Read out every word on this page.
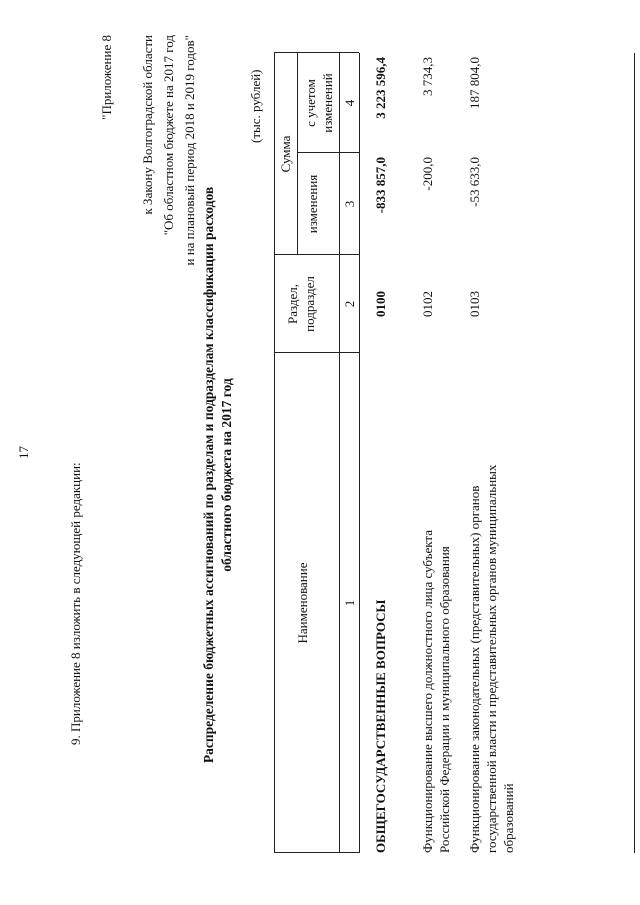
17
9. Приложение 8 изложить в следующей редакции:
"Приложение 8 к Закону Волгоградской области "Об областном бюджете на 2017 год и на плановый период 2018 и 2019 годов"
Распределение бюджетных ассигнований по разделам и подразделам классификации расходов областного бюджета на 2017 год
(тыс. рублей)
Наименование
Раздел, подраздел
Сумма
изменения
с учетом изменений
1
2
3
4
ОБЩЕГОСУДАРСТВЕННЫЕ ВОПРОСЫ
0100
-833 857,0
3 223 596,4
Функционирование высшего должностного лица субъекта Российской Федерации и муниципального образования
0102
-200,0
3 734,3
Функционирование законодательных (представительных) органов государственной власти и представительных органов муниципальных образований
0103
-53 633,0
187 804,0
